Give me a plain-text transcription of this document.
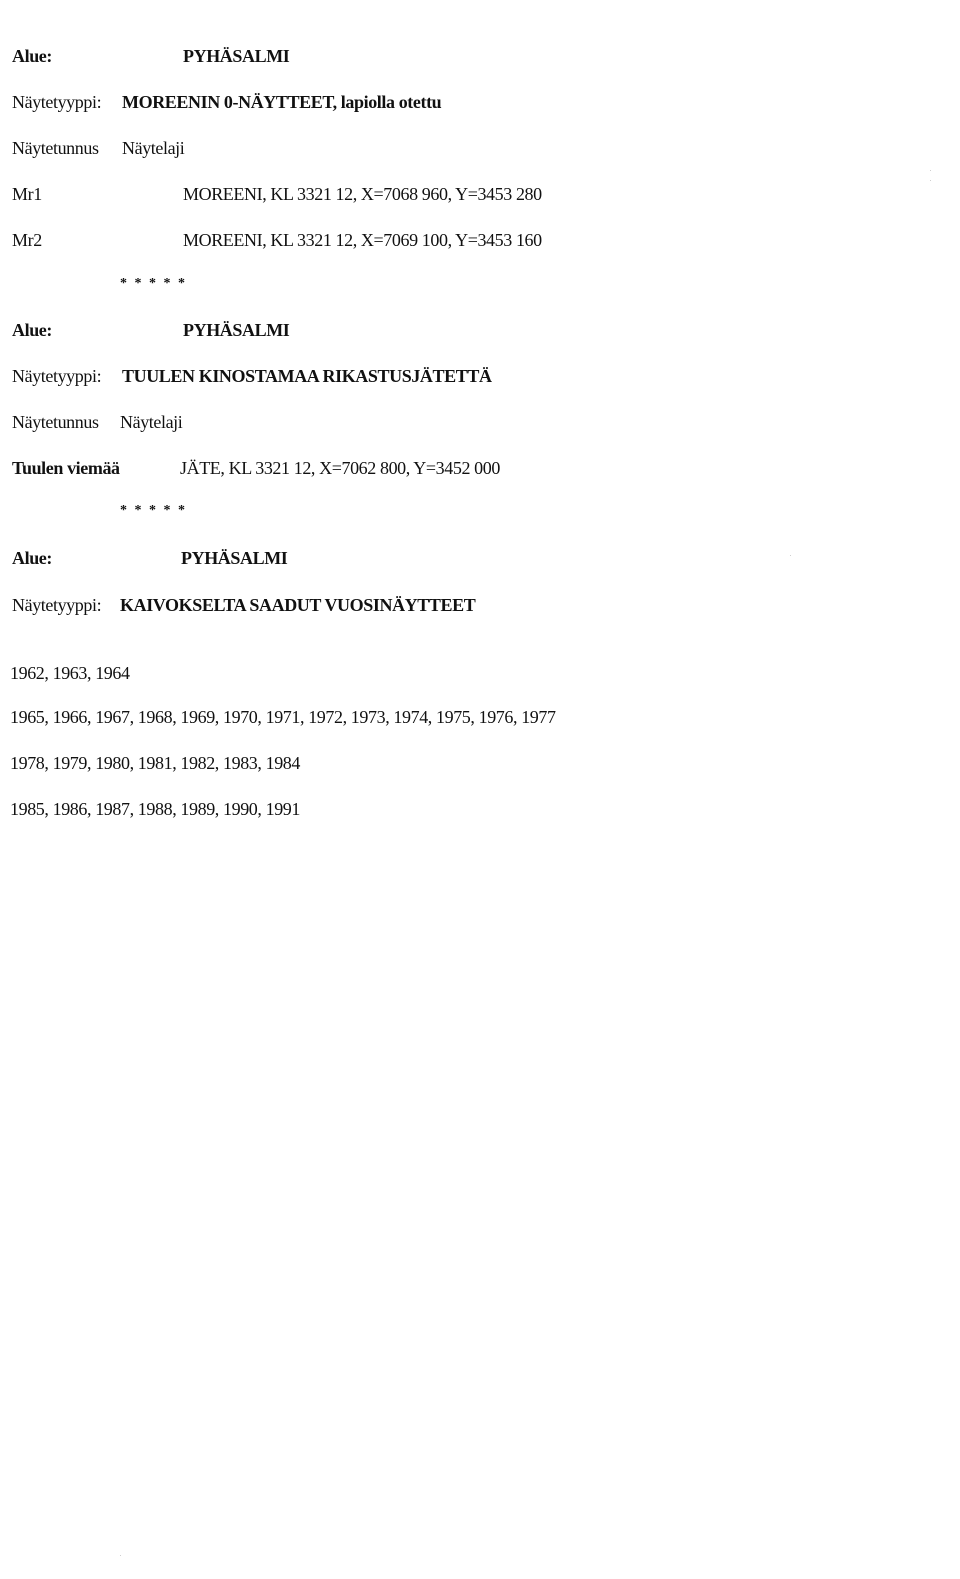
Alue:	PYHÄSALMI
Näytetyyppi: MOREENIN 0-NÄYTTEET, lapiolla otettu
Näytetunnus Näytelaji
Mr1	MOREENI, KL 3321 12, X=7068 960, Y=3453 280
Mr2	MOREENI, KL 3321 12, X=7069 100, Y=3453 160
* * * * *
Alue:	PYHÄSALMI
Näytetyyppi: TUULEN KINOSTAMAA RIKASTUSJÄTETTÄ
Näytetunnus Näytelaji
Tuulen viemää	JÄTE, KL 3321 12, X=7062 800, Y=3452 000
* * * * *
Alue:	PYHÄSALMI
Näytetyyppi: KAIVOKSELTA SAADUT VUOSINÄYTTEET
1962, 1963, 1964
1965, 1966, 1967, 1968, 1969, 1970, 1971, 1972, 1973, 1974, 1975, 1976, 1977
1978, 1979, 1980, 1981, 1982, 1983, 1984
1985, 1986, 1987, 1988, 1989, 1990, 1991
